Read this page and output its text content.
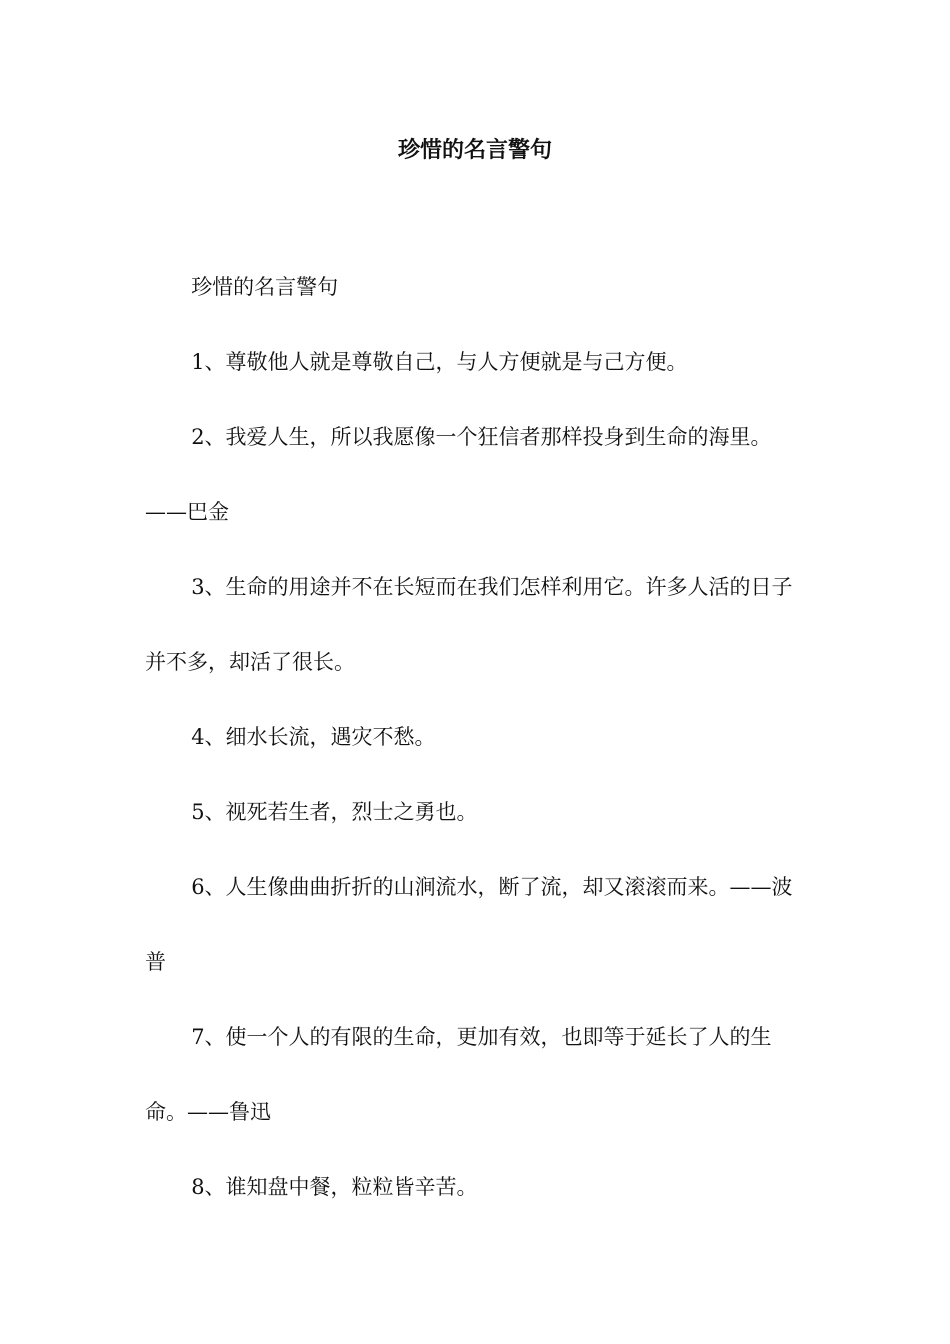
珍惜的名言警句

珍惜的名言警句

1、尊敬他人就是尊敬自己，与人方便就是与己方便。

2、我爱人生，所以我愿像一个狂信者那样投身到生命的海里。——巴金

3、生命的用途并不在长短而在我们怎样利用它。许多人活的日子并不多，却活了很长。

4、细水长流，遇灾不愁。

5、视死若生者，烈士之勇也。

6、人生像曲曲折折的山涧流水，断了流，却又滚滚而来。——波普

7、使一个人的有限的生命，更加有效，也即等于延长了人的生命。——鲁迅

8、谁知盘中餐，粒粒皆辛苦。
